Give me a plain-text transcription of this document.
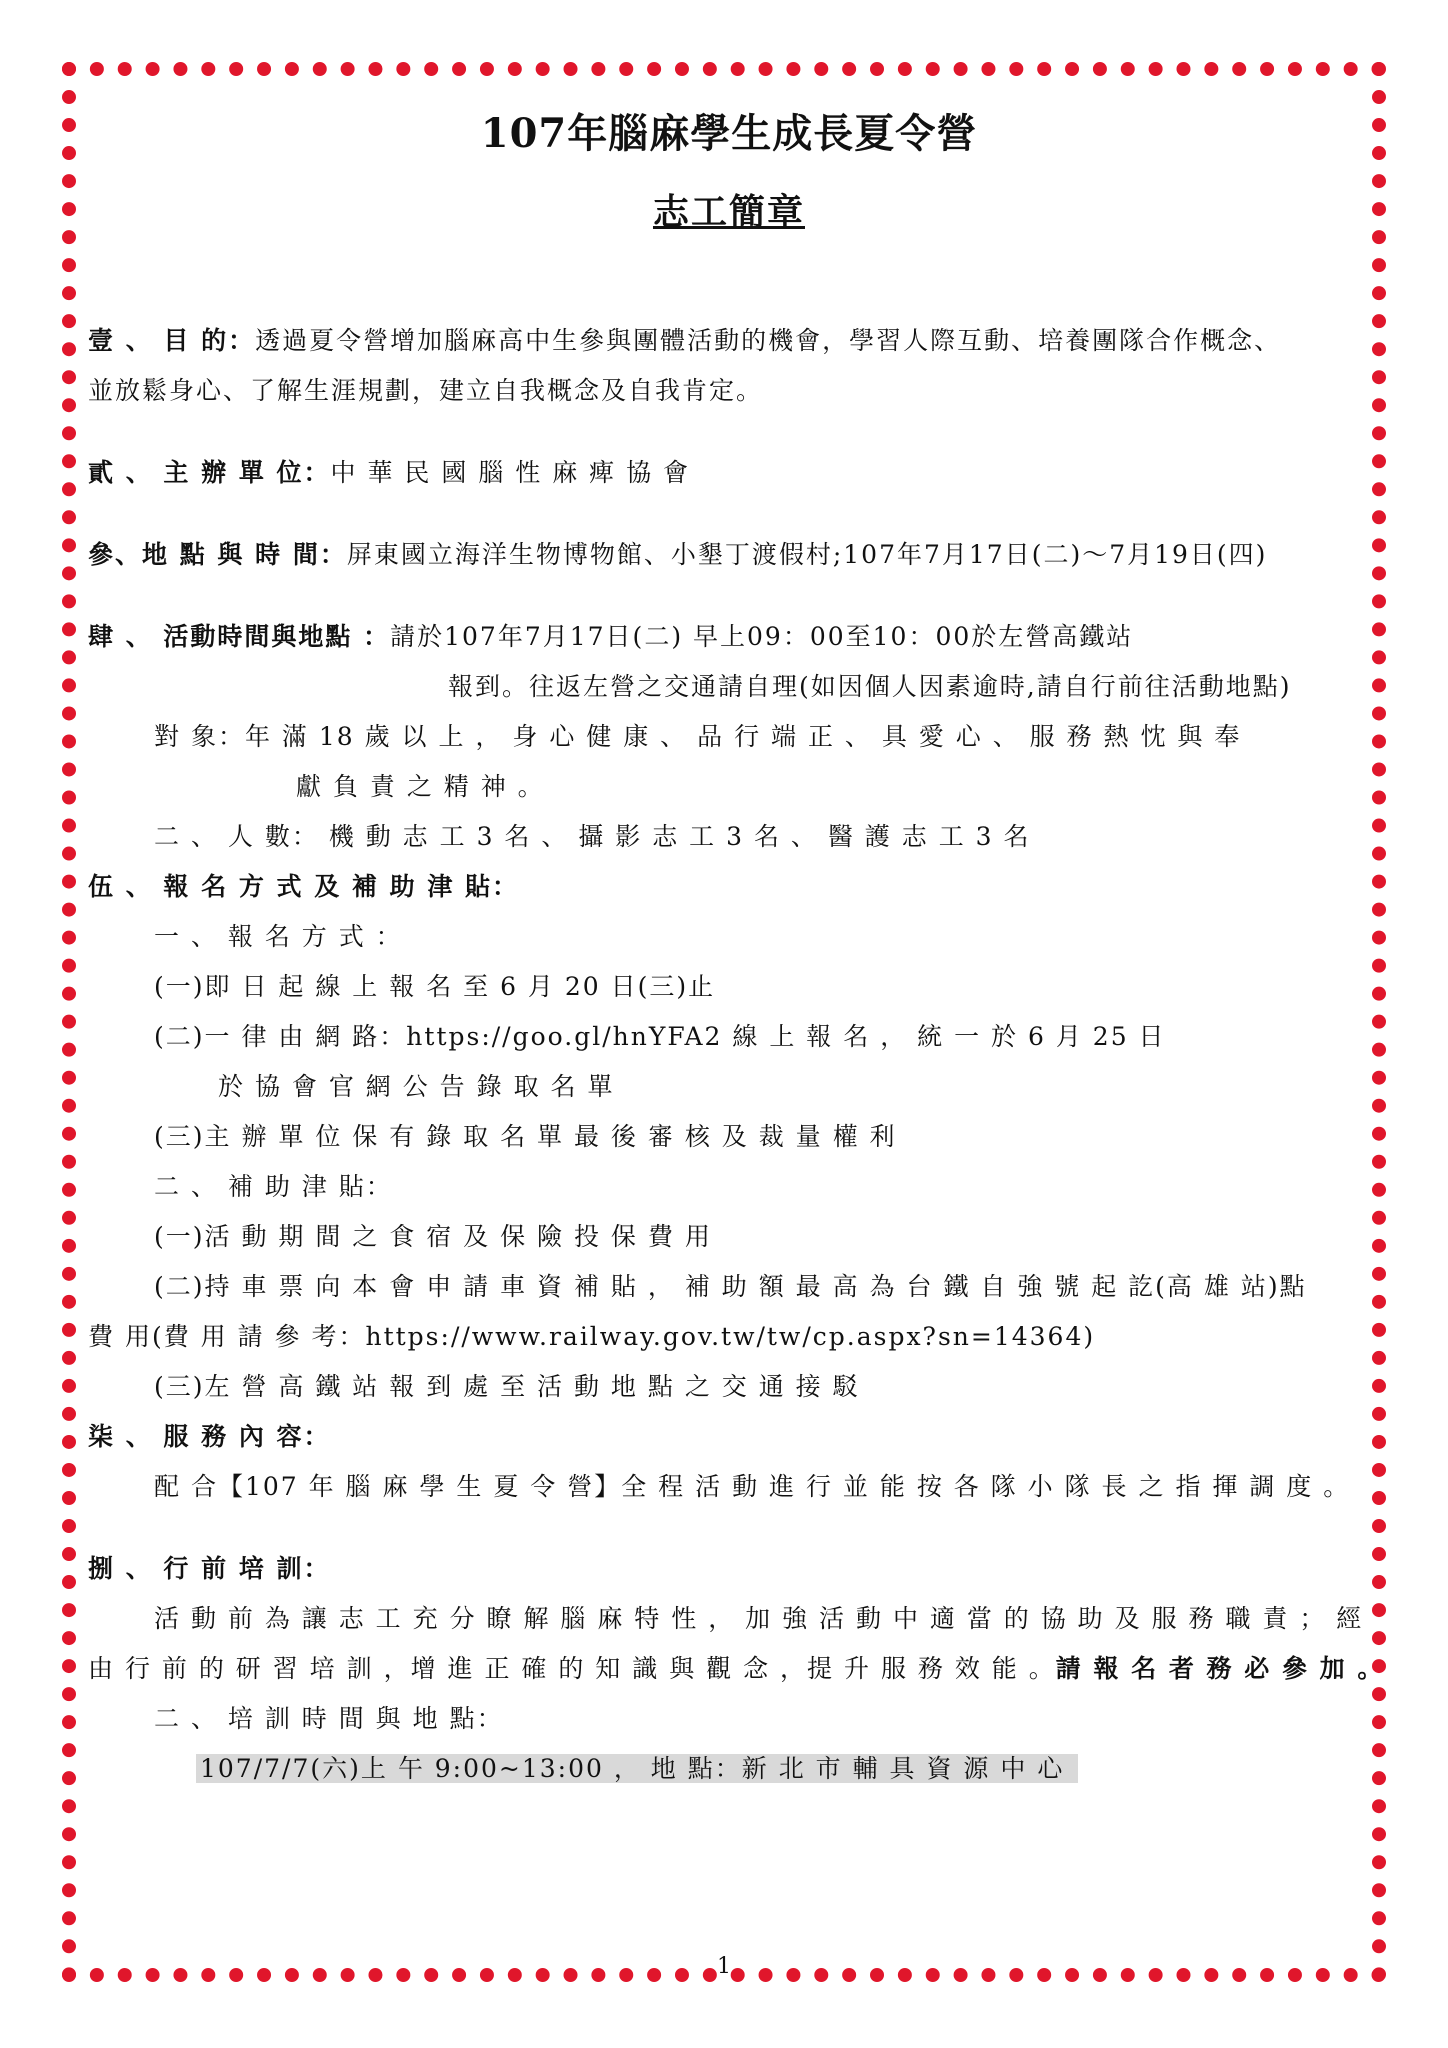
107年腦麻學生成長夏令營
志工簡章
壹 、 目 的：透過夏令營增加腦麻高中生參與團體活動的機會，學習人際互動、培養團隊合作概念、
並放鬆身心、了解生涯規劃，建立自我概念及自我肯定。
貳 、 主 辦 單 位：中 華 民 國 腦 性 麻 痺 協 會
參、地 點 與 時 間：屏東國立海洋生物博物館、小墾丁渡假村;107年7月17日(二)～7月19日(四)
肆 、 活動時間與地點 ：請於107年7月17日(二) 早上09：00至10：00於左營高鐵站
報到。往返左營之交通請自理(如因個人因素逾時,請自行前往活動地點)
對 象：年 滿 18 歲 以 上 ， 身 心 健 康 、 品 行 端 正 、 具 愛 心 、 服 務 熱 忱 與 奉
獻 負 責 之 精 神 。
二 、 人 數： 機 動 志 工 3 名 、 攝 影 志 工 3 名 、 醫 護 志 工 3 名
伍 、 報 名 方 式 及 補 助 津 貼：
一 、 報 名 方 式 ：
(一)即 日 起 線 上 報 名 至 6 月 20 日(三)止
(二)一 律 由 網 路：https://goo.gl/hnYFA2 線 上 報 名 ， 統 一 於 6 月 25 日
於 協 會 官 網 公 告 錄 取 名 單
(三)主 辦 單 位 保 有 錄 取 名 單 最 後 審 核 及 裁 量 權 利
二 、 補 助 津 貼：
(一)活 動 期 間 之 食 宿 及 保 險 投 保 費 用
(二)持 車 票 向 本 會 申 請 車 資 補 貼 ， 補 助 額 最 高 為 台 鐵 自 強 號 起 訖(高 雄 站)點
費 用(費 用 請 參 考：https://www.railway.gov.tw/tw/cp.aspx?sn=14364)
(三)左 營 高 鐵 站 報 到 處 至 活 動 地 點 之 交 通 接 駁
柒 、 服 務 內 容：
配 合【107 年 腦 麻 學 生 夏 令 營】全 程 活 動 進 行 並 能 按 各 隊 小 隊 長 之 指 揮 調 度 。
捌 、 行 前 培 訓：
活 動 前 為 讓 志 工 充 分 瞭 解 腦 麻 特 性 ， 加 強 活 動 中 適 當 的 協 助 及 服 務 職 責 ； 經
由 行 前 的 研 習 培 訓 ，增 進 正 確 的 知 識 與 觀 念 ，提 升 服 務 效 能 。請 報 名 者 務 必 參 加 。
二 、 培 訓 時 間 與 地 點：
107/7/7(六)上 午 9:00~13:00 ， 地 點：新 北 市 輔 具 資 源 中 心
1
